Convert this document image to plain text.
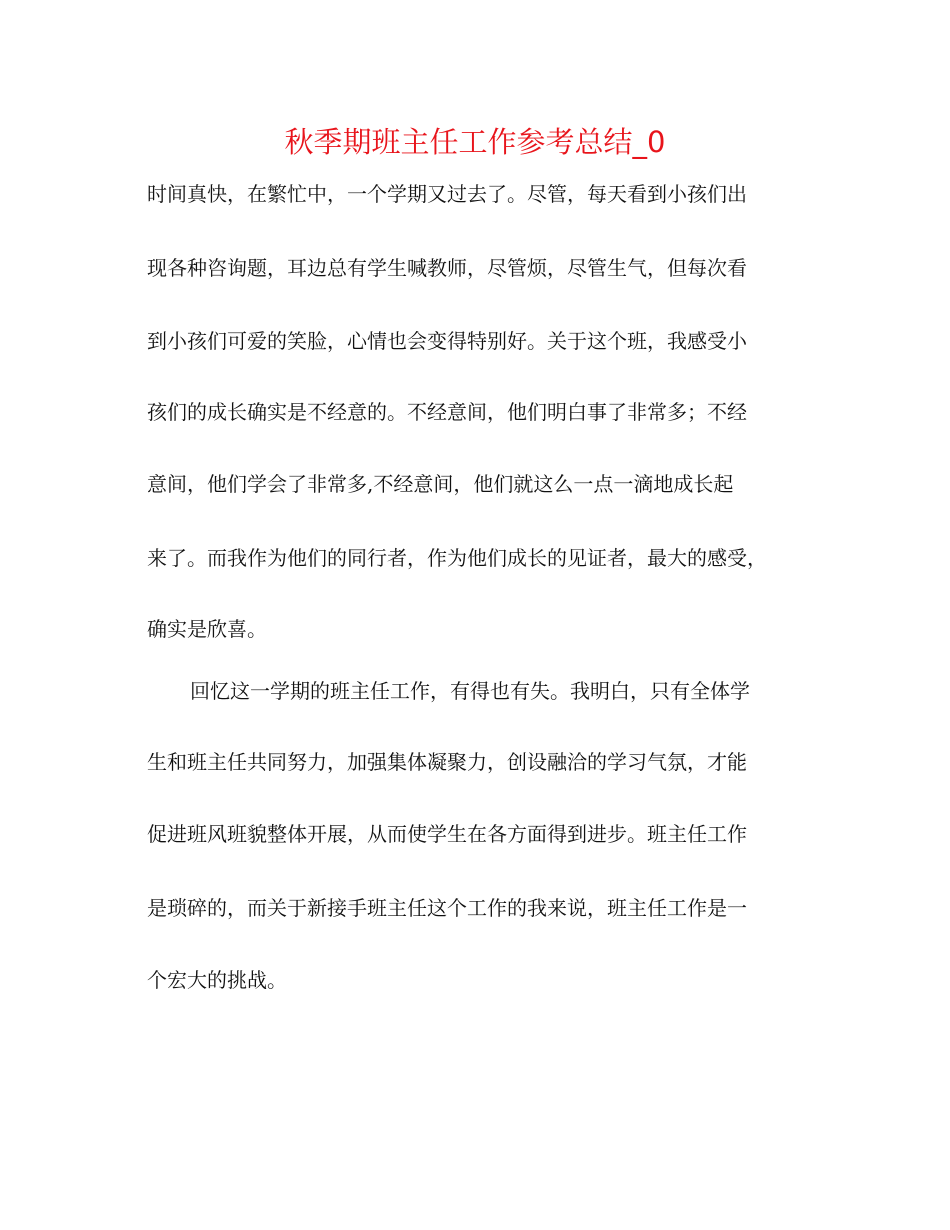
秋季期班主任工作参考总结_0
时间真快，在繁忙中，一个学期又过去了。尽管，每天看到小孩们出
现各种咨询题，耳边总有学生喊教师，尽管烦，尽管生气，但每次看
到小孩们可爱的笑脸，心情也会变得特别好。关于这个班，我感受小
孩们的成长确实是不经意的。不经意间，他们明白事了非常多；不经
意间，他们学会了非常多,不经意间，他们就这么一点一滴地成长起
来了。而我作为他们的同行者，作为他们成长的见证者，最大的感受，
确实是欣喜。
回忆这一学期的班主任工作，有得也有失。我明白，只有全体学
生和班主任共同努力，加强集体凝聚力，创设融洽的学习气氛，才能
促进班风班貌整体开展，从而使学生在各方面得到进步。班主任工作
是琐碎的，而关于新接手班主任这个工作的我来说，班主任工作是一
个宏大的挑战。
